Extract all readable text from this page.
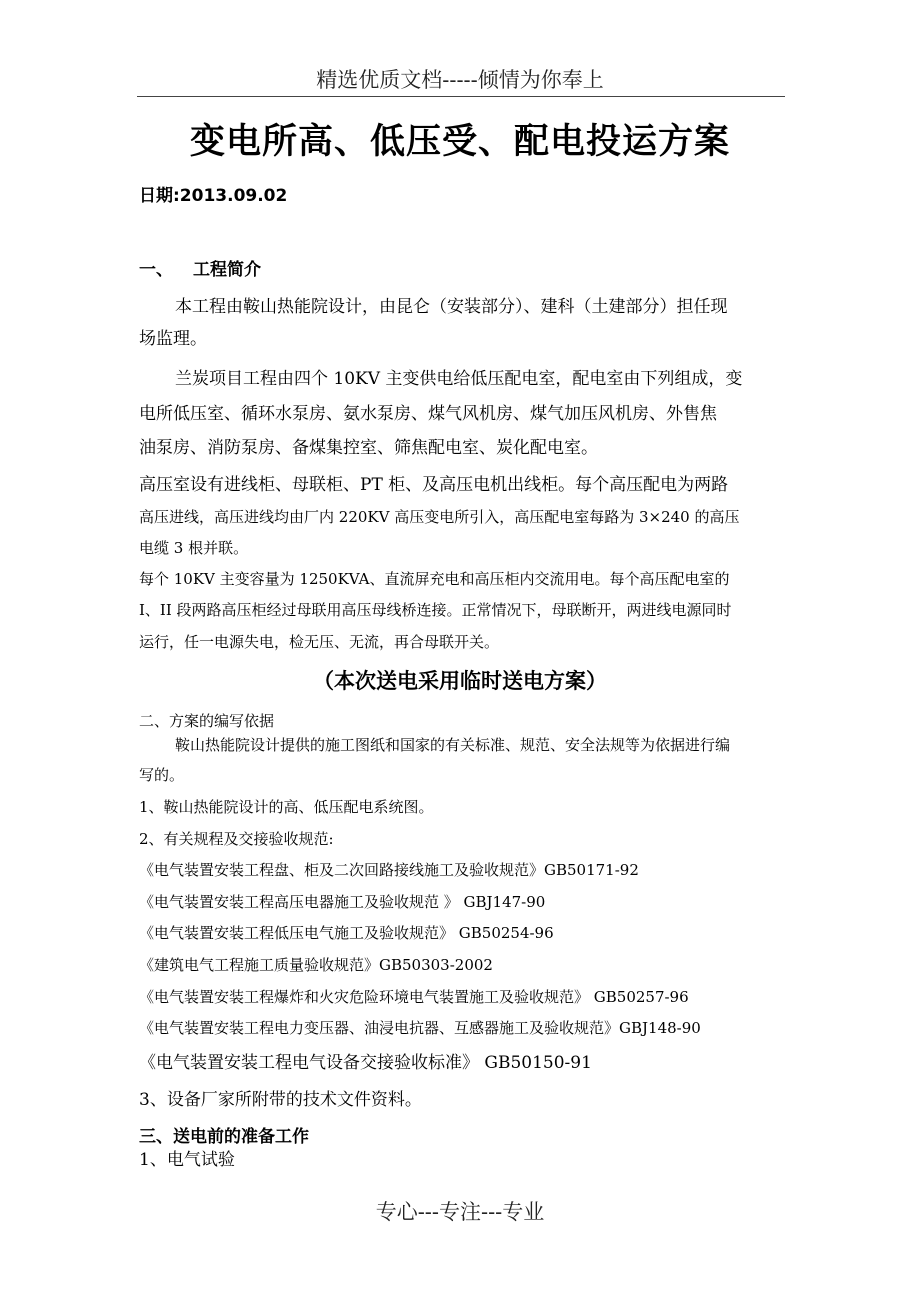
精选优质文档-----倾情为你奉上
变电所高、低压受、配电投运方案
日期:2013.09.02
一、 工程简介
本工程由鞍山热能院设计，由昆仑（安装部分）、建科（土建部分）担任现
场监理。
兰炭项目工程由四个 10KV 主变供电给低压配电室，配电室由下列组成，变
电所低压室、循环水泵房、氨水泵房、煤气风机房、煤气加压风机房、外售焦
油泵房、消防泵房、备煤集控室、筛焦配电室、炭化配电室。
高压室设有进线柜、母联柜、PT 柜、及高压电机出线柜。每个高压配电为两路
高压进线，高压进线均由厂内 220KV 高压变电所引入，高压配电室每路为 3×240 的高压
电缆 3 根并联。
每个 10KV 主变容量为 1250KVA、直流屏充电和高压柜内交流用电。每个高压配电室的
I、II 段两路高压柜经过母联用高压母线桥连接。正常情况下，母联断开，两进线电源同时
运行，任一电源失电，检无压、无流，再合母联开关。
（本次送电采用临时送电方案）
二、方案的编写依据
鞍山热能院设计提供的施工图纸和国家的有关标准、规范、安全法规等为依据进行编
写的。
1、鞍山热能院设计的高、低压配电系统图。
2、有关规程及交接验收规范:
《电气装置安装工程盘、柜及二次回路接线施工及验收规范》GB50171-92
《电气装置安装工程高压电器施工及验收规范 》 GBJ147-90
《电气装置安装工程低压电气施工及验收规范》 GB50254-96
《建筑电气工程施工质量验收规范》GB50303-2002
《电气装置安装工程爆炸和火灾危险环境电气装置施工及验收规范》 GB50257-96
《电气装置安装工程电力变压器、油浸电抗器、互感器施工及验收规范》GBJ148-90
《电气装置安装工程电气设备交接验收标准》 GB50150-91
3、设备厂家所附带的技术文件资料。
三、送电前的准备工作
1、电气试验
专心---专注---专业
